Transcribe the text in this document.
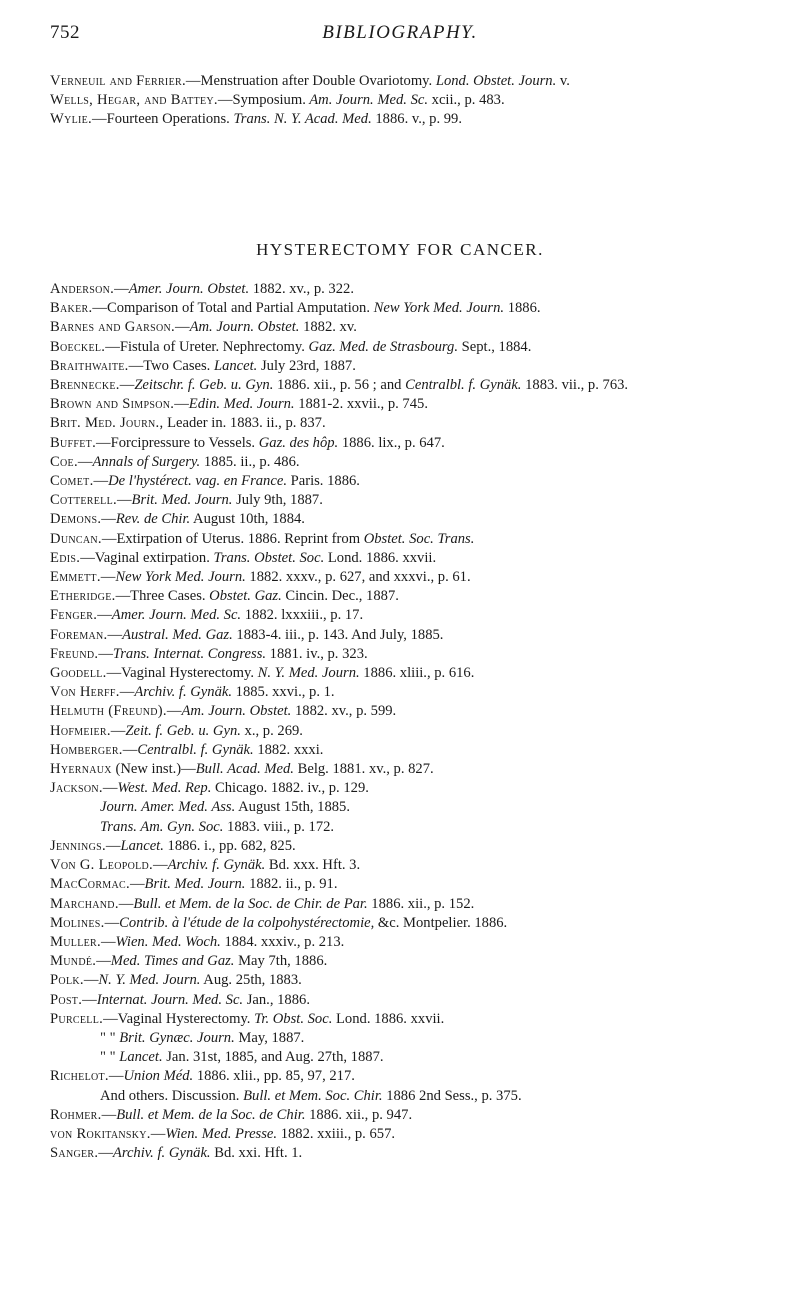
752	BIBLIOGRAPHY.

Verneuil and Ferrier.—Menstruation after Double Ovariotomy. Lond. Obstet. Journ. v.

Wells, Hegar, and Battey.—Symposium. Am. Journ. Med. Sc. xcii., p. 483.

Wylie.—Fourteen Operations. Trans. N. Y. Acad. Med. 1886. v., p. 99.

HYSTERECTOMY FOR CANCER.

Anderson.—Amer. Journ. Obstet. 1882. xv., p. 322.

Baker.—Comparison of Total and Partial Amputation. New York Med. Journ. 1886.

Barnes and Garson.—Am. Journ. Obstet. 1882. xv.

Boeckel.—Fistula of Ureter. Nephrectomy. Gaz. Med. de Strasbourg. Sept., 1884.

Braithwaite.—Two Cases. Lancet. July 23rd, 1887.

Brennecke.—Zeitschr. f. Geb. u. Gyn. 1886. xii., p. 56 ; and Centralbl. f. Gynäk. 1883. vii., p. 763.

Brown and Simpson.—Edin. Med. Journ. 1881-2. xxvii., p. 745.

Brit. Med. Journ., Leader in. 1883. ii., p. 837.

Buffet.—Forcipressure to Vessels. Gaz. des hôp. 1886. lix., p. 647.

Coe.—Annals of Surgery. 1885. ii., p. 486.

Comet.—De l'hystérect. vag. en France. Paris. 1886.

Cotterell.—Brit. Med. Journ. July 9th, 1887.

Demons.—Rev. de Chir. August 10th, 1884.

Duncan.—Extirpation of Uterus. 1886. Reprint from Obstet. Soc. Trans.

Edis.—Vaginal extirpation. Trans. Obstet. Soc. Lond. 1886. xxvii.

Emmett.—New York Med. Journ. 1882. xxxv., p. 627, and xxxvi., p. 61.

Etheridge.—Three Cases. Obstet. Gaz. Cincin. Dec., 1887.

Fenger.—Amer. Journ. Med. Sc. 1882. lxxxiii., p. 17.

Foreman.—Austral. Med. Gaz. 1883-4. iii., p. 143. And July, 1885.

Freund.—Trans. Internat. Congress. 1881. iv., p. 323.

Goodell.—Vaginal Hysterectomy. N. Y. Med. Journ. 1886. xliii., p. 616.

Von Herff.—Archiv. f. Gynäk. 1885. xxvi., p. 1.

Helmuth (Freund).—Am. Journ. Obstet. 1882. xv., p. 599.

Hofmeier.—Zeit. f. Geb. u. Gyn. x., p. 269.

Homberger.—Centralbl. f. Gynäk. 1882. xxxi.

Hyernaux (New inst.)—Bull. Acad. Med. Belg. 1881. xv., p. 827.

Jackson.—West. Med. Rep. Chicago. 1882. iv., p. 129.

Journ. Amer. Med. Ass. August 15th, 1885.

Trans. Am. Gyn. Soc. 1883. viii., p. 172.

Jennings.—Lancet. 1886. i., pp. 682, 825.

Von G. Leopold.—Archiv. f. Gynäk. Bd. xxx. Hft. 3.

MacCormac.—Brit. Med. Journ. 1882. ii., p. 91.

Marchand.—Bull. et Mem. de la Soc. de Chir. de Par. 1886. xii., p. 152.

Molines.—Contrib. à l'étude de la colpohystérectomie, &c. Montpelier. 1886.

Muller.—Wien. Med. Woch. 1884. xxxiv., p. 213.

Mundé.—Med. Times and Gaz. May 7th, 1886.

Polk.—N. Y. Med. Journ. Aug. 25th, 1883.

Post.—Internat. Journ. Med. Sc. Jan., 1886.

Purcell.—Vaginal Hysterectomy. Tr. Obst. Soc. Lond. 1886. xxvii.

" " Brit. Gynæc. Journ. May, 1887.

" " Lancet. Jan. 31st, 1885, and Aug. 27th, 1887.

Richelot.—Union Méd. 1886. xlii., pp. 85, 97, 217.

And others. Discussion. Bull. et Mem. Soc. Chir. 1886 2nd Sess., p. 375.

Rohmer.—Bull. et Mem. de la Soc. de Chir. 1886. xii., p. 947.

von Rokitansky.—Wien. Med. Presse. 1882. xxiii., p. 657.

Sanger.—Archiv. f. Gynäk. Bd. xxi. Hft. 1.
